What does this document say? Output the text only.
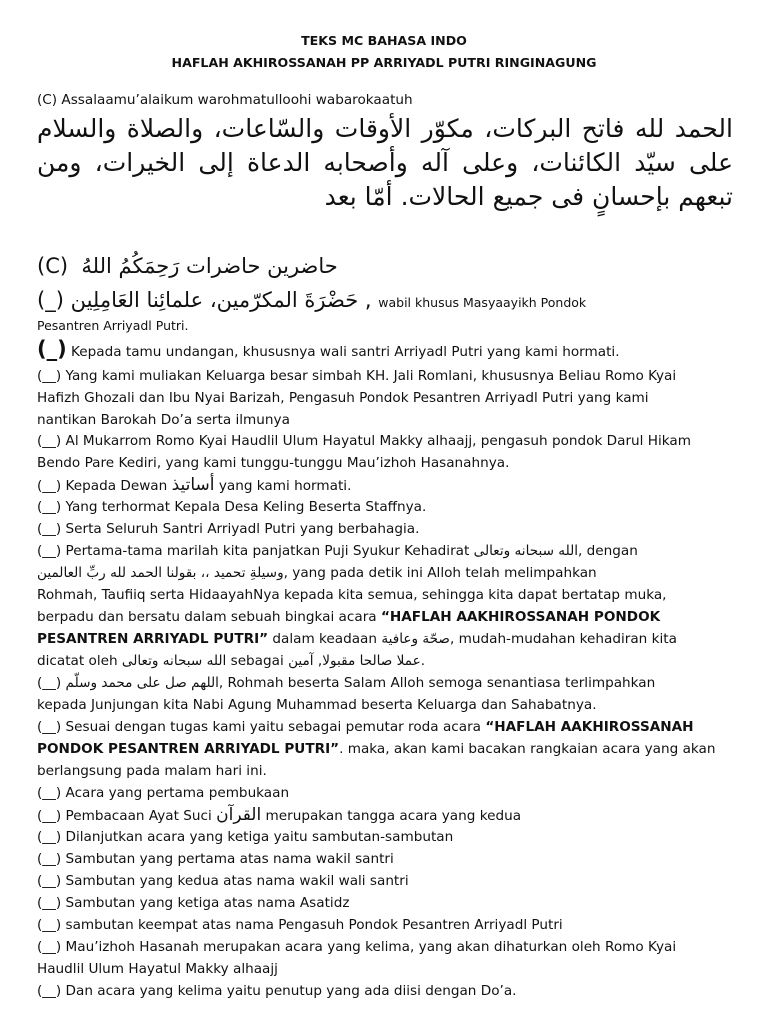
TEKS MC BAHASA INDO
HAFLAH AKHIROSSANAH PP ARRIYADL PUTRI RINGINAGUNG
(C) Assalaamu’alaikum warohmatulloohi wabarokaatuh
الحمد لله فاتح البركات، مكوّر الأوقات والسّاعات، والصلاة والسلام على سيّد الكائنات، وعلى آله وأصحابه الدعاة إلى الخيرات، ومن تبعهم بإحسانٍ فى جميع الحالات. أمّا بعد
(C) حاضرين حاضرات رَحِمَكُمُ اللهُ
(_) حَضْرَةَ المكرّمين، علمائِنا العَامِلِين , wabil khusus Masyaayikh Pondok
Pesantren Arriyadl Putri.
(_) Kepada tamu undangan, khususnya wali santri Arriyadl Putri yang kami hormati.
(__) Yang kami muliakan Keluarga besar simbah KH. Jali Romlani, khususnya Beliau Romo Kyai
Hafizh Ghozali dan Ibu Nyai Barizah, Pengasuh Pondok Pesantren Arriyadl Putri yang kami
nantikan Barokah Do’a serta ilmunya
(__) Al Mukarrom Romo Kyai Haudlil Ulum Hayatul Makky alhaajj, pengasuh pondok Darul Hikam
Bendo Pare Kediri, yang kami tunggu-tunggu Mau’izhoh Hasanahnya.
(__) Kepada Dewan أساتيذ yang kami hormati.
(__) Yang terhormat Kepala Desa Keling Beserta Staffnya.
(__) Serta Seluruh Santri Arriyadl Putri yang berbahagia.
(__) Pertama-tama marilah kita panjatkan Puji Syukur Kehadirat الله سبحانه وتعالى, dengan
وسيلةِ تحميد ،، بقولنا الحمد لله ربِّ العالمين, yang pada detik ini Alloh telah melimpahkan
Rohmah, Taufiiq serta HidaayahNya kepada kita semua, sehingga kita dapat bertatap muka,
berpadu dan bersatu dalam sebuah bingkai acara “HAFLAH AAKHIROSSANAH PONDOK
PESANTREN ARRIYADL PUTRI” dalam keadaan صحّة وعافية, mudah-mudahan kehadiran kita
dicatat oleh الله سبحانه وتعالى sebagai عملا صالحا مقبولا, آمين.
(__) اللهم صل على محمد وسلّم, Rohmah beserta Salam Alloh semoga senantiasa terlimpahkan
kepada Junjungan kita Nabi Agung Muhammad beserta Keluarga dan Sahabatnya.
(__) Sesuai dengan tugas kami yaitu sebagai pemutar roda acara “HAFLAH AAKHIROSSANAH
PONDOK PESANTREN ARRIYADL PUTRI”. maka, akan kami bacakan rangkaian acara yang akan
berlangsung pada malam hari ini.
(__) Acara yang pertama pembukaan
(__) Pembacaan Ayat Suci القرآن merupakan tangga acara yang kedua
(__) Dilanjutkan acara yang ketiga yaitu sambutan-sambutan
(__) Sambutan yang pertama atas nama wakil santri
(__) Sambutan yang kedua atas nama wakil wali santri
(__) Sambutan yang ketiga atas nama Asatidz
(__) sambutan keempat atas nama Pengasuh Pondok Pesantren Arriyadl Putri
(__) Mau’izhoh Hasanah merupakan acara yang kelima, yang akan dihaturkan oleh Romo Kyai
Haudlil Ulum Hayatul Makky alhaajj
(__) Dan acara yang kelima yaitu penutup yang ada diisi dengan Do’a.
